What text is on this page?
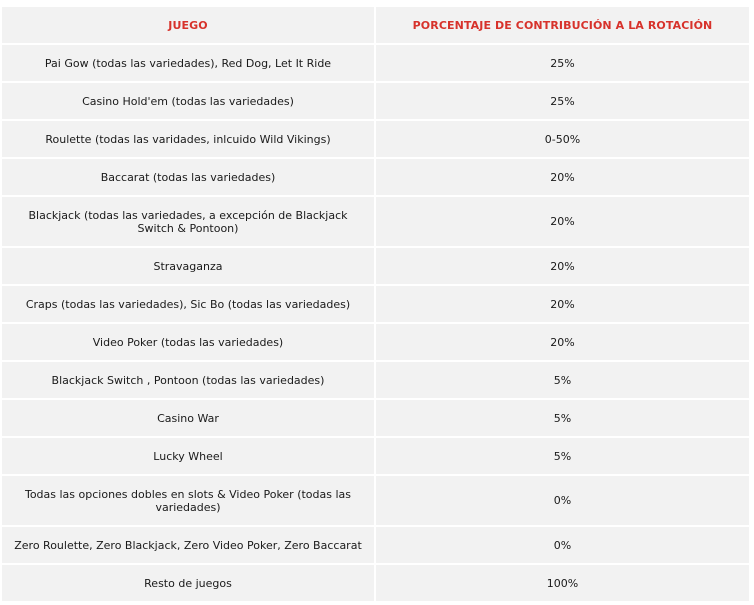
JUEGO	PORCENTAJE DE CONTRIBUCIÓN A LA ROTACIÓN
Pai Gow (todas las variedades), Red Dog, Let It Ride	25%
Casino Hold'em (todas las variedades)	25%
Roulette (todas las varidades, inlcuido Wild Vikings)	0-50%
Baccarat (todas las variedades)	20%
Blackjack (todas las variedades, a excepción de Blackjack Switch & Pontoon)	20%
Stravaganza	20%
Craps (todas las variedades), Sic Bo (todas las variedades)	20%
Video Poker (todas las variedades)	20%
Blackjack Switch , Pontoon (todas las variedades)	5%
Casino War	5%
Lucky Wheel	5%
Todas las opciones dobles en slots & Video Poker (todas las variedades)	0%
Zero Roulette, Zero Blackjack, Zero Video Poker, Zero Baccarat	0%
Resto de juegos	100%
